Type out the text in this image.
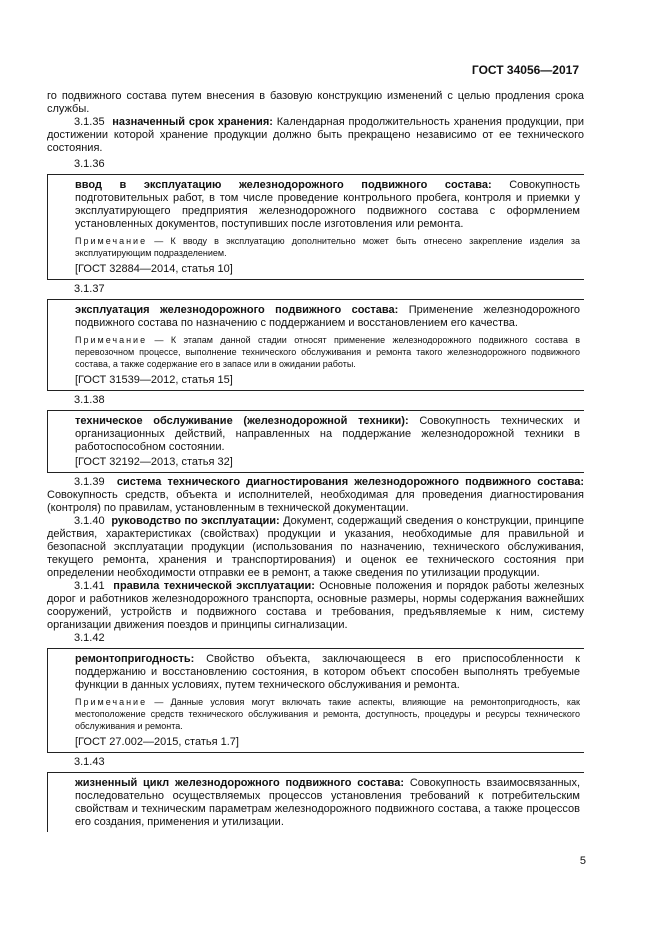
ГОСТ 34056—2017

го подвижного состава путем внесения в базовую конструкцию изменений с целью продления срока службы.

3.1.35 назначенный срок хранения: Календарная продолжительность хранения продукции, при достижении которой хранение продукции должно быть прекращено независимо от ее технического состояния.

3.1.36

ввод в эксплуатацию железнодорожного подвижного состава: Совокупность подготовительных работ, в том числе проведение контрольного пробега, контроля и приемки у эксплуатирующего предприятия железнодорожного подвижного состава с оформлением установленных документов, поступивших после изготовления или ремонта.

Примечание — К вводу в эксплуатацию дополнительно может быть отнесено закрепление изделия за эксплуатирующим подразделением.

[ГОСТ 32884—2014, статья 10]

3.1.37

эксплуатация железнодорожного подвижного состава: Применение железнодорожного подвижного состава по назначению с поддержанием и восстановлением его качества.

Примечание — К этапам данной стадии относят применение железнодорожного подвижного состава в перевозочном процессе, выполнение технического обслуживания и ремонта такого железнодорожного подвижного состава, а также содержание его в запасе или в ожидании работы.

[ГОСТ 31539—2012, статья 15]

3.1.38

техническое обслуживание (железнодорожной техники): Совокупность технических и организационных действий, направленных на поддержание железнодорожной техники в работоспособном состоянии.

[ГОСТ 32192—2013, статья 32]

3.1.39 система технического диагностирования железнодорожного подвижного состава: Совокупность средств, объекта и исполнителей, необходимая для проведения диагностирования (контроля) по правилам, установленным в технической документации.

3.1.40 руководство по эксплуатации: Документ, содержащий сведения о конструкции, принципе действия, характеристиках (свойствах) продукции и указания, необходимые для правильной и безопасной эксплуатации продукции (использования по назначению, технического обслуживания, текущего ремонта, хранения и транспортирования) и оценок ее технического состояния при определении необходимости отправки ее в ремонт, а также сведения по утилизации продукции.

3.1.41 правила технической эксплуатации: Основные положения и порядок работы железных дорог и работников железнодорожного транспорта, основные размеры, нормы содержания важнейших сооружений, устройств и подвижного состава и требования, предъявляемые к ним, систему организации движения поездов и принципы сигнализации.

3.1.42

ремонтопригодность: Свойство объекта, заключающееся в его приспособленности к поддержанию и восстановлению состояния, в котором объект способен выполнять требуемые функции в данных условиях, путем технического обслуживания и ремонта.

Примечание — Данные условия могут включать такие аспекты, влияющие на ремонтопригодность, как местоположение средств технического обслуживания и ремонта, доступность, процедуры и ресурсы технического обслуживания и ремонта.

[ГОСТ 27.002—2015, статья 1.7]

3.1.43

жизненный цикл железнодорожного подвижного состава: Совокупность взаимосвязанных, последовательно осуществляемых процессов установления требований к потребительским свойствам и техническим параметрам железнодорожного подвижного состава, а также процессов его создания, применения и утилизации.

5
